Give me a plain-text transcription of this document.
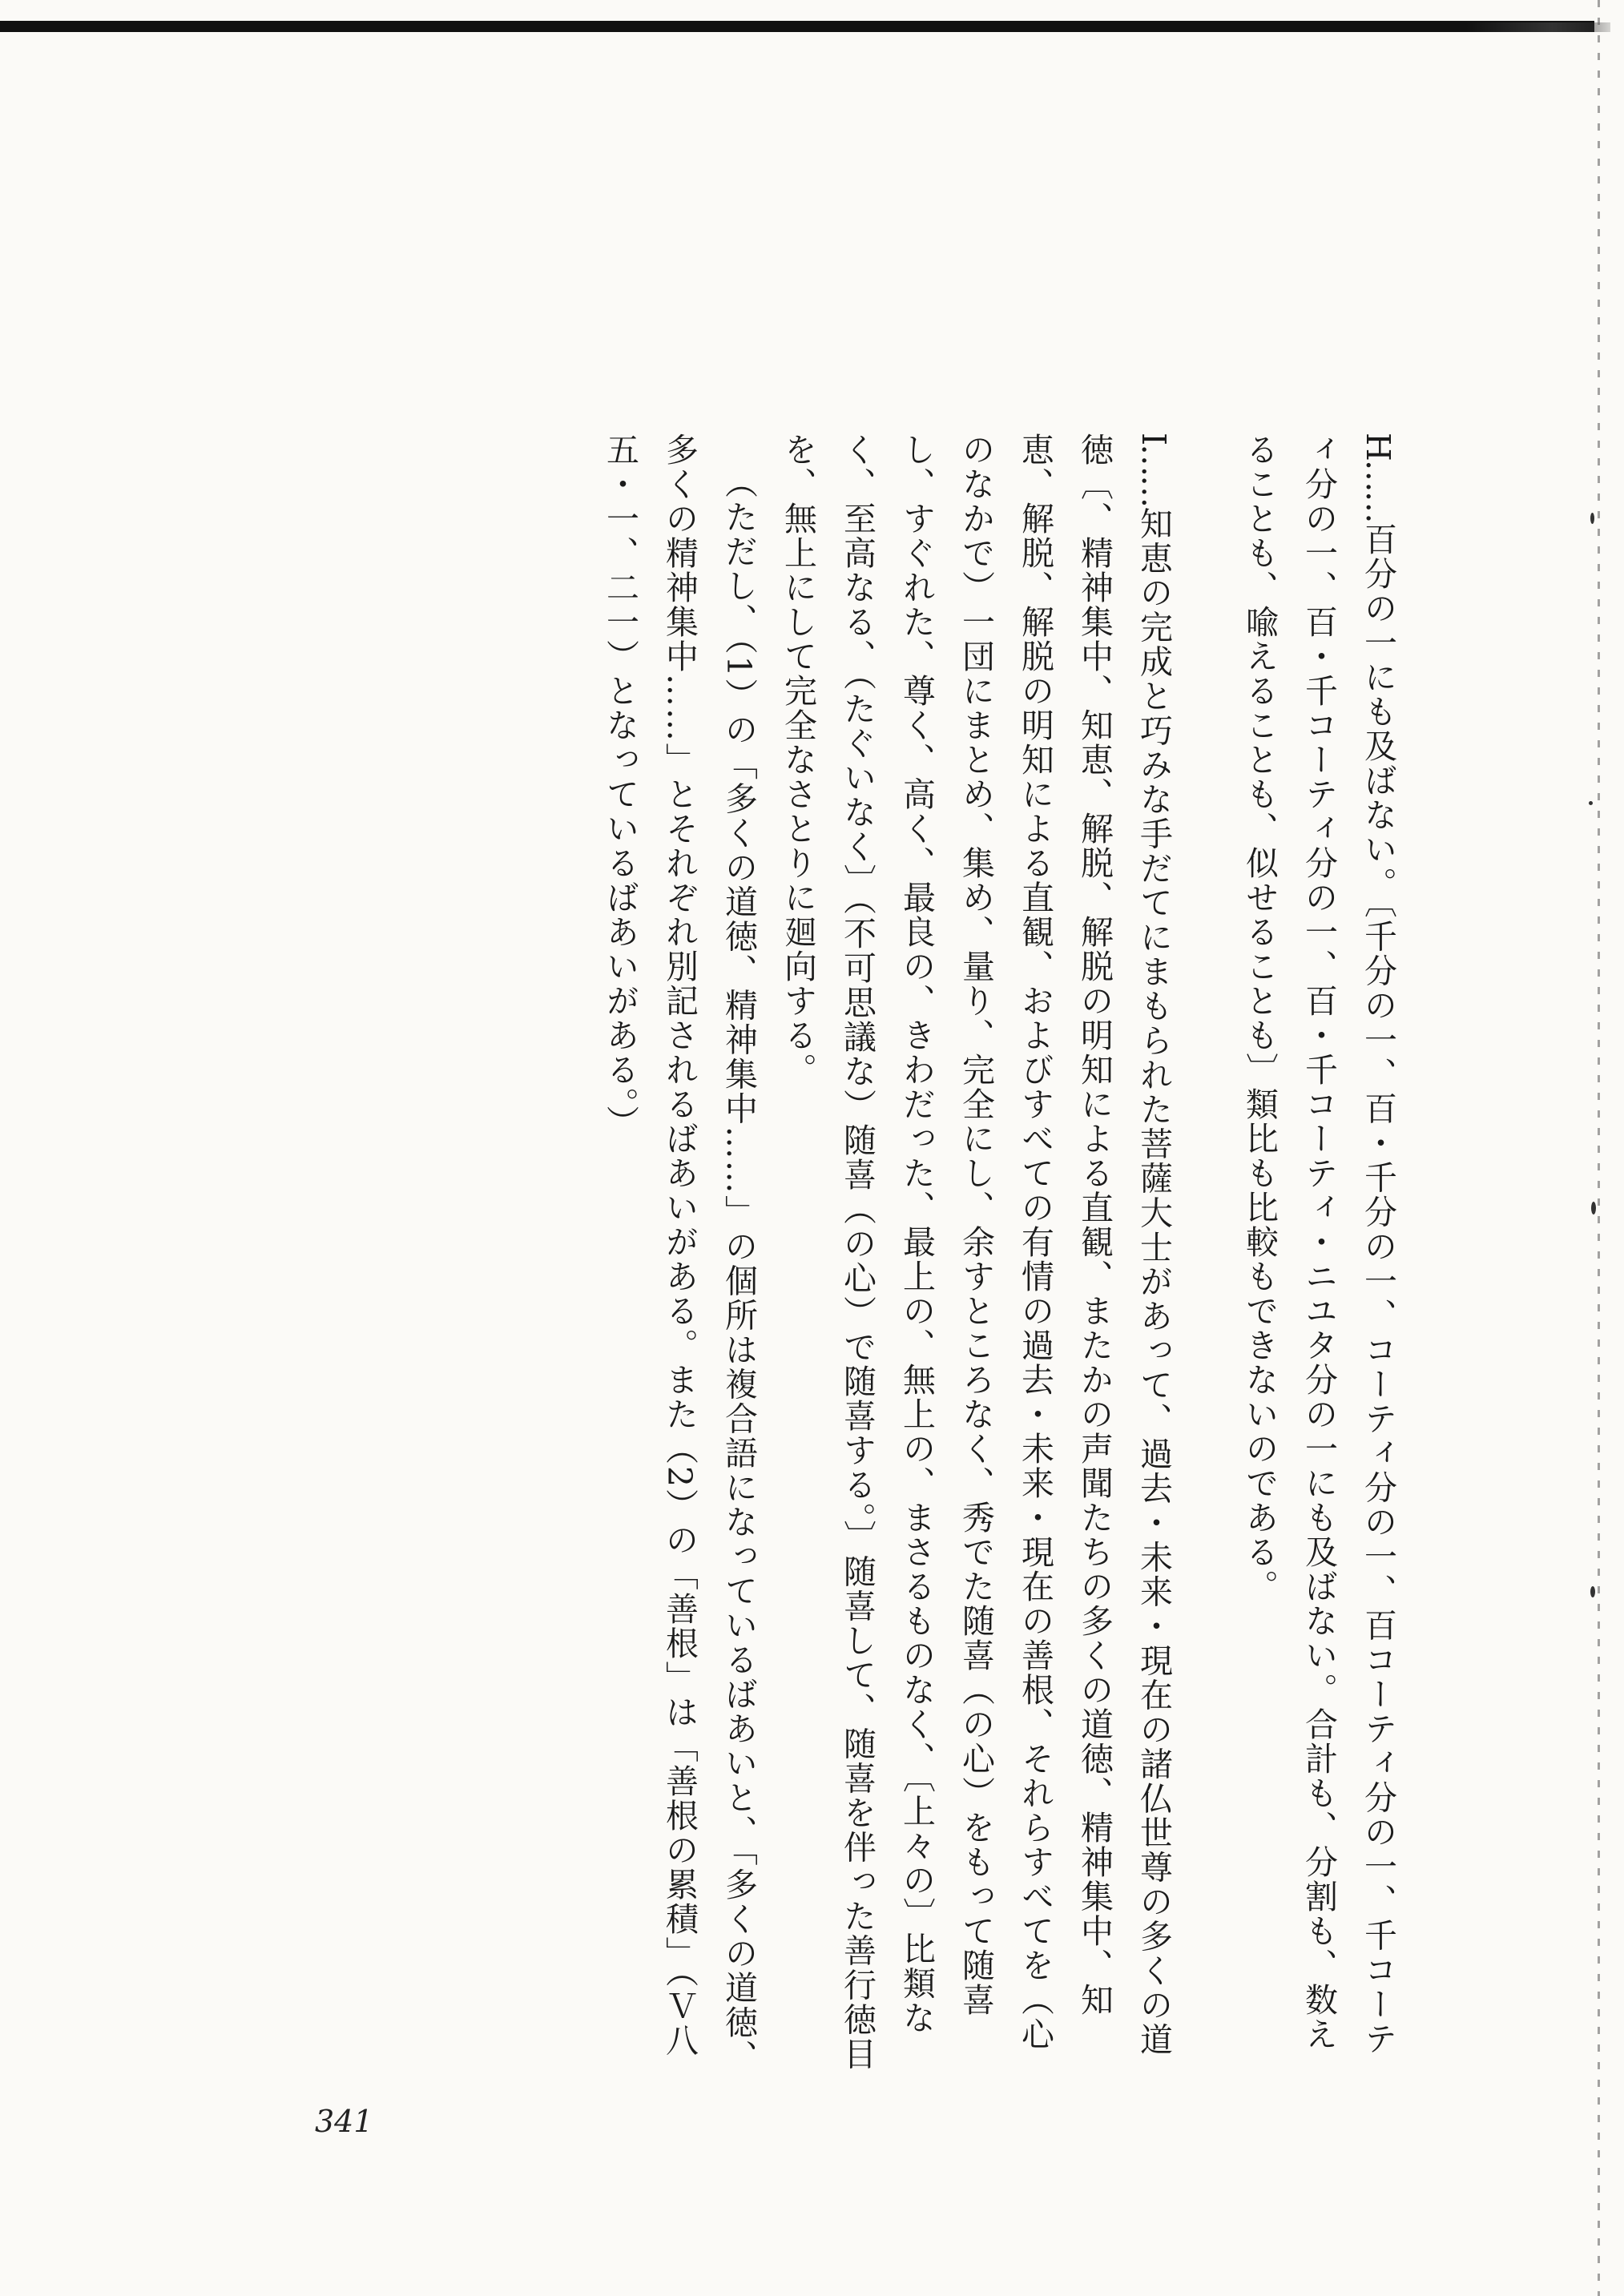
H……百分の一にも及ばない。〔千分の一、百・千分の一、コーティ分の一、百コーティ分の一、千コーティ分の一、百・千コーティ分の一、百・千コーティ・ニユタ分の一にも及ばない。合計も、分割も、数えることも、喩えることも、似せることも〕類比も比較もできないのである。

I……知恵の完成と巧みな手だてにまもられた菩薩大士があって、過去・未来・現在の諸仏世尊の多くの道徳〔、精神集中、知恵、解脱、解脱の明知による直観、またかの声聞たちの多くの道徳、精神集中、知恵、解脱、解脱の明知による直観、およびすべての有情の過去・未来・現在の善根、それらすべてを（心のなかで）一団にまとめ、集め、量り、完全にし、余すところなく、秀でた随喜（の心）をもって随喜し、すぐれた、尊く、高く、最良の、きわだった、最上の、無上の、まさるものなく、〔上々の〕比類なく、至高なる、（たぐいなく〕（不可思議な）随喜（の心）で随喜する。〕随喜して、随喜を伴った善行徳目を、無上にして完全なさとりに廻向する。

（ただし、（1）の「多くの道徳、精神集中……」の個所は複合語になっているばあいと、「多くの道徳、多くの精神集中……」とそれぞれ別記されるばあいがある。また（2）の「善根」は「善根の累積」（Ｖ八五・一、二一）となっているばあいがある。）

341
